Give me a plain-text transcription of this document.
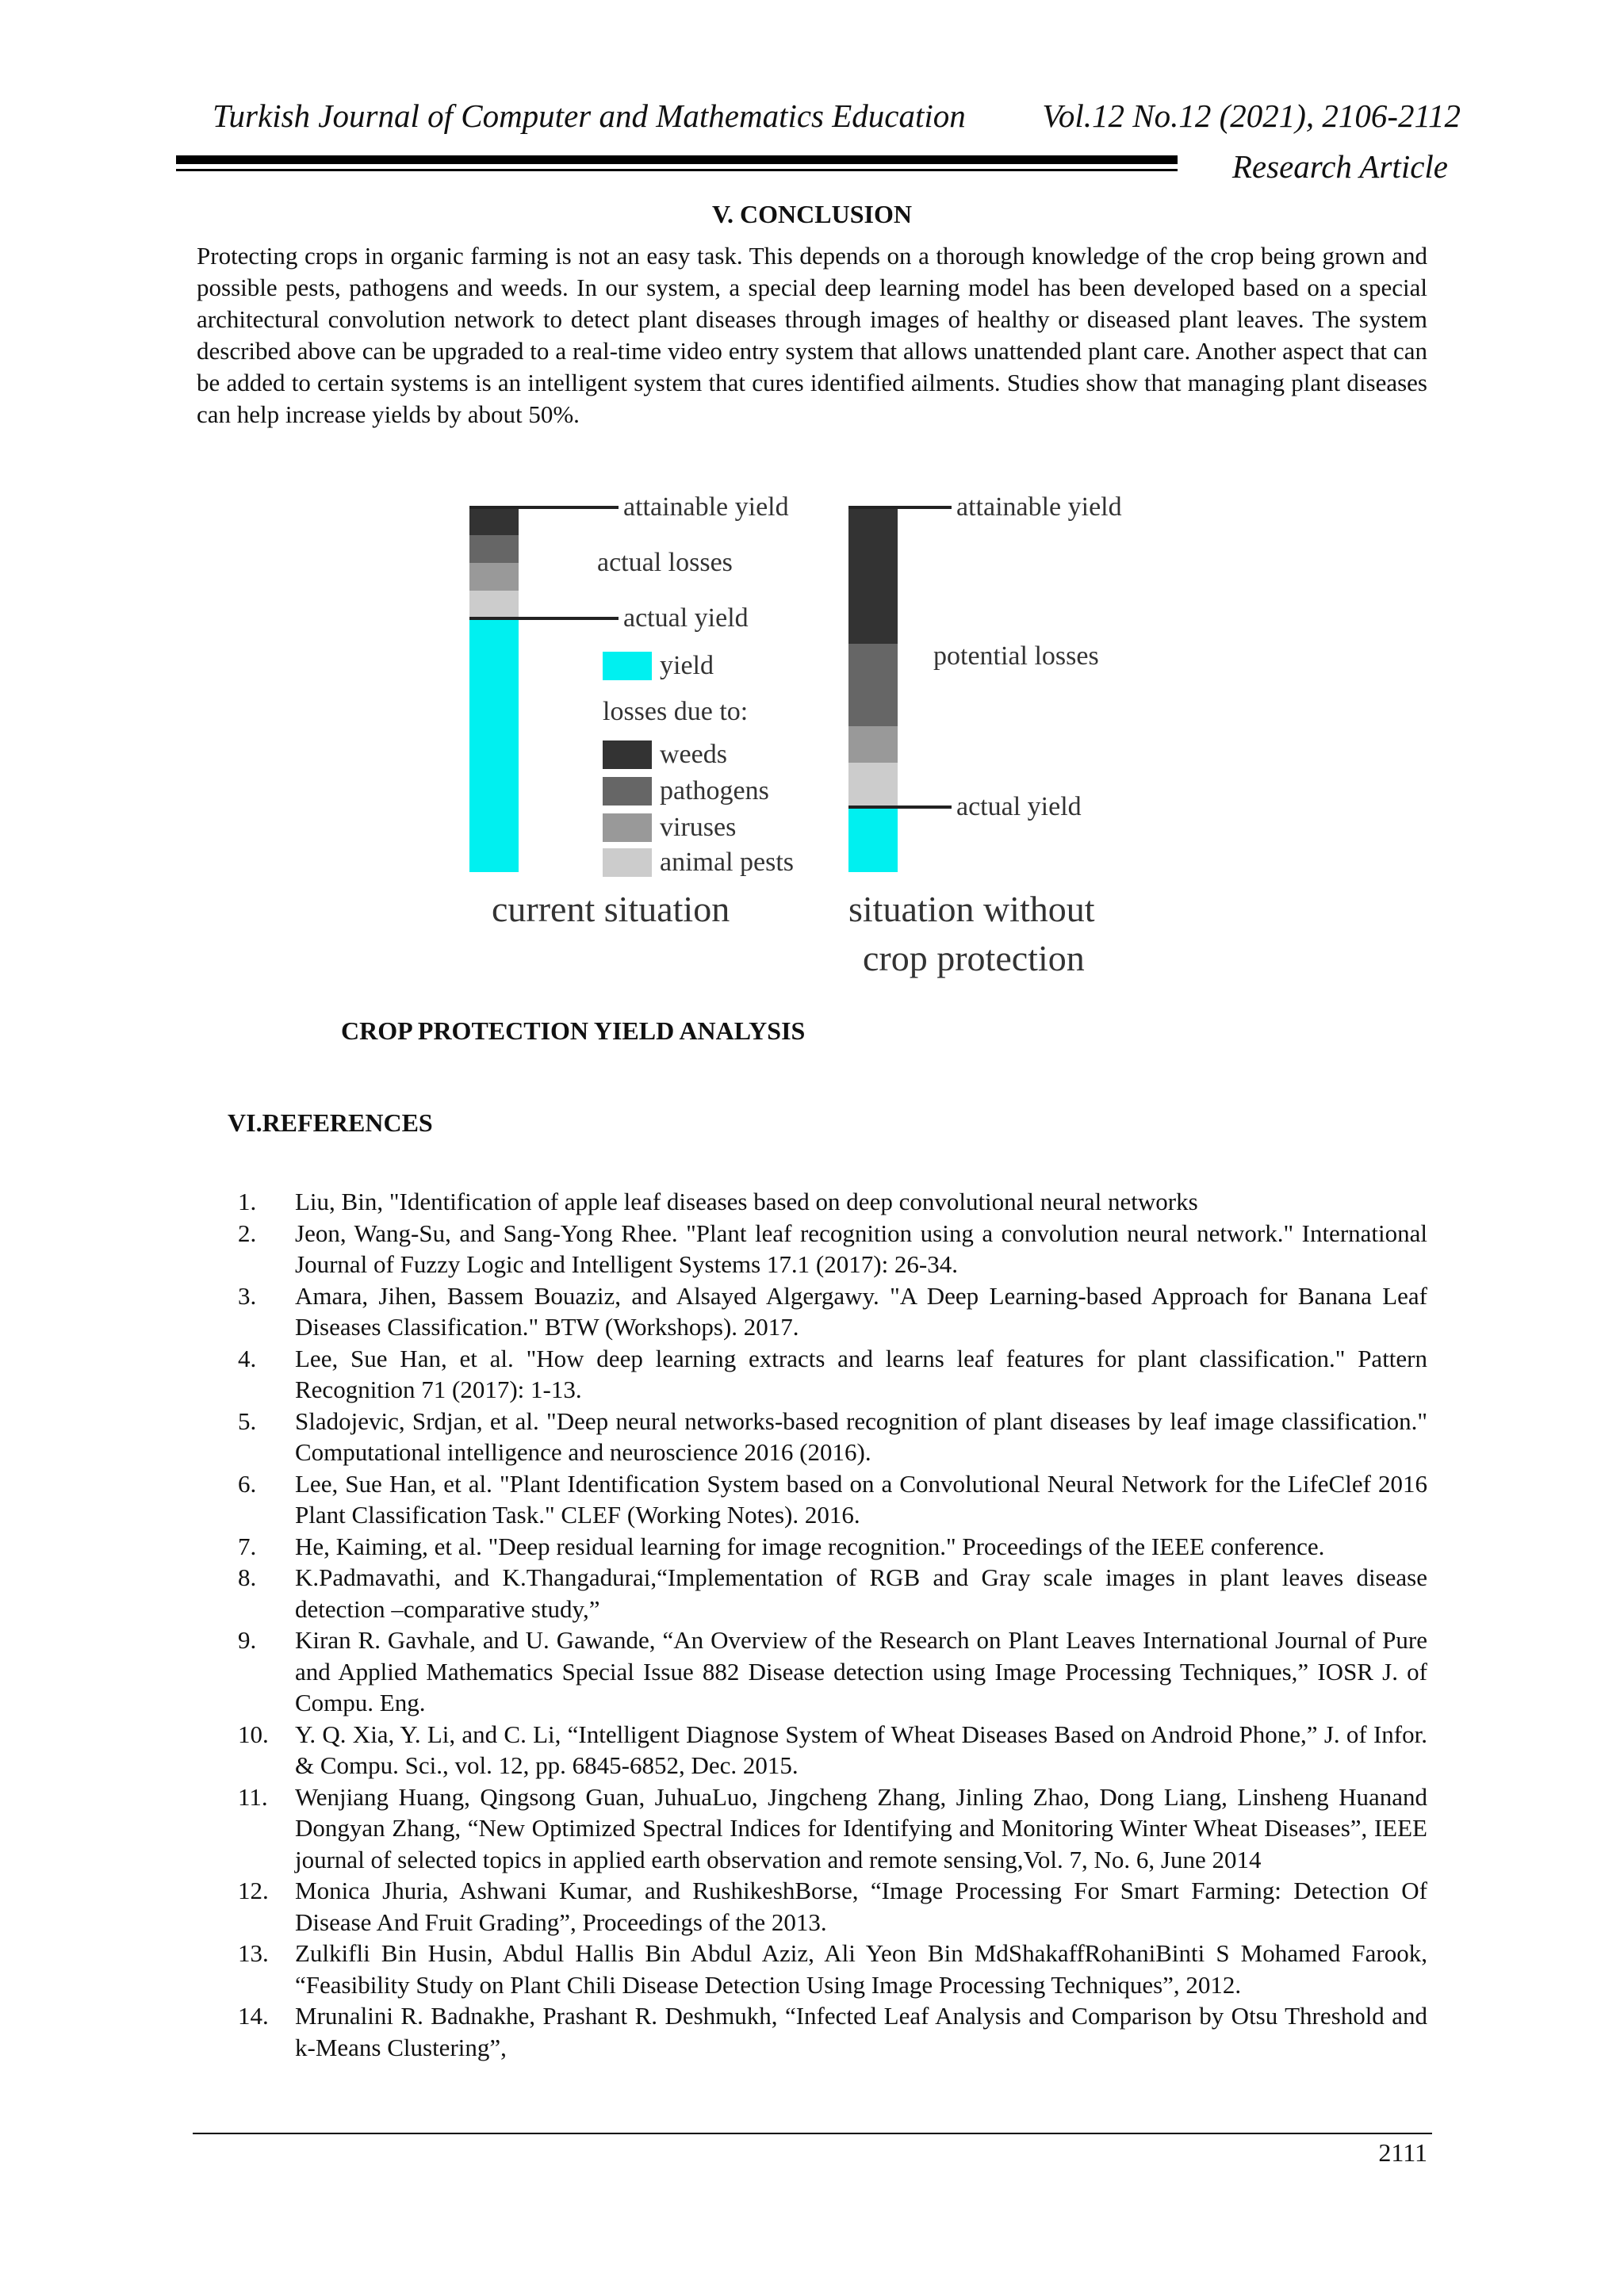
Turkish Journal of Computer and Mathematics Education Vol.12 No.12 (2021), 2106-2112
Research Article
V. CONCLUSION

Protecting crops in organic farming is not an easy task. This depends on a thorough knowledge of the crop being grown and possible pests, pathogens and weeds. In our system, a special deep learning model has been developed based on a special architectural convolution network to detect plant diseases through images of healthy or diseased plant leaves. The system described above can be upgraded to a real-time video entry system that allows unattended plant care. Another aspect that can be added to certain systems is an intelligent system that cures identified ailments. Studies show that managing plant diseases can help increase yields by about 50%.

attainable yield
actual losses
actual yield
yield
losses due to:
weeds
pathogens
viruses
animal pests
current situation
attainable yield
potential losses
actual yield
situation without
crop protection
CROP PROTECTION YIELD ANALYSIS
VI.REFERENCES
1.	Liu, Bin, "Identification of apple leaf diseases based on deep convolutional neural networks
2.	Jeon, Wang-Su, and Sang-Yong Rhee. "Plant leaf recognition using a convolution neural network." International Journal of Fuzzy Logic and Intelligent Systems 17.1 (2017): 26-34.
3.	Amara, Jihen, Bassem Bouaziz, and Alsayed Algergawy. "A Deep Learning-based Approach for Banana Leaf Diseases Classification." BTW (Workshops). 2017.
4.	Lee, Sue Han, et al. "How deep learning extracts and learns leaf features for plant classification." Pattern Recognition 71 (2017): 1-13.
5.	Sladojevic, Srdjan, et al. "Deep neural networks-based recognition of plant diseases by leaf image classification." Computational intelligence and neuroscience 2016 (2016).
6.	Lee, Sue Han, et al. "Plant Identification System based on a Convolutional Neural Network for the LifeClef 2016 Plant Classification Task." CLEF (Working Notes). 2016.
7.	He, Kaiming, et al. "Deep residual learning for image recognition." Proceedings of the IEEE conference.
8.	K.Padmavathi, and K.Thangadurai,“Implementation of RGB and Gray scale images in plant leaves disease detection –comparative study,”
9.	Kiran R. Gavhale, and U. Gawande, “An Overview of the Research on Plant Leaves International Journal of Pure and Applied Mathematics Special Issue 882 Disease detection using Image Processing Techniques,” IOSR J. of Compu. Eng.
10.	Y. Q. Xia, Y. Li, and C. Li, “Intelligent Diagnose System of Wheat Diseases Based on Android Phone,” J. of Infor. & Compu. Sci., vol. 12, pp. 6845-6852, Dec. 2015.
11.	Wenjiang Huang, Qingsong Guan, JuhuaLuo, Jingcheng Zhang, Jinling Zhao, Dong Liang, Linsheng Huanand Dongyan Zhang, “New Optimized Spectral Indices for Identifying and Monitoring Winter Wheat Diseases”, IEEE journal of selected topics in applied earth observation and remote sensing,Vol. 7, No. 6, June 2014
12.	Monica Jhuria, Ashwani Kumar, and RushikeshBorse, “Image Processing For Smart Farming: Detection Of Disease And Fruit Grading”, Proceedings of the 2013.
13.	Zulkifli Bin Husin, Abdul Hallis Bin Abdul Aziz, Ali Yeon Bin MdShakaffRohaniBinti S Mohamed Farook, “Feasibility Study on Plant Chili Disease Detection Using Image Processing Techniques”, 2012.
14.	Mrunalini R. Badnakhe, Prashant R. Deshmukh, “Infected Leaf Analysis and Comparison by Otsu Threshold and k-Means Clustering”,
2111
